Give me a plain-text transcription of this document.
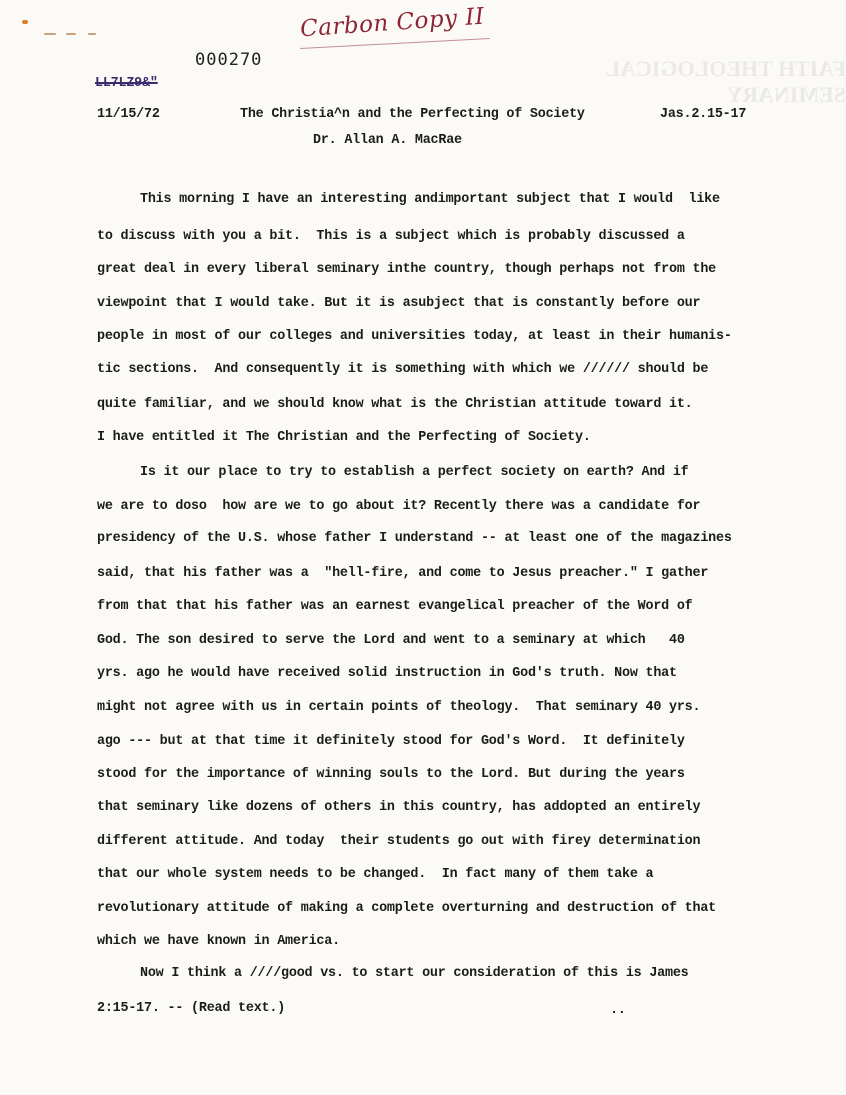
FAITH THEOLOGICAL SEMINARY
Carbon Copy II
000270
LL7LZ9&"
11/15/72	The Christia^n and the Perfecting of Society	Jas.2.15-17
Dr. Allan A. MacRae
This morning I have an interesting andimportant subject that I would  like
to discuss with you a bit.  This is a subject which is probably discussed a
great deal in every liberal seminary inthe country, though perhaps not from the
viewpoint that I would take. But it is asubject that is constantly before our
people in most of our colleges and universities today, at least in their humanis-
tic sections.  And consequently it is something with which we ////// should be
quite familiar, and we should know what is the Christian attitude toward it.
I have entitled it The Christian and the Perfecting of Society.
Is it our place to try to establish a perfect society on earth? And if
we are to doso  how are we to go about it? Recently there was a candidate for
presidency of the U.S. whose father I understand -- at least one of the magazines
said, that his father was a  "hell-fire, and come to Jesus preacher." I gather
from that that his father was an earnest evangelical preacher of the Word of
God. The son desired to serve the Lord and went to a seminary at which   40
yrs. ago he would have received solid instruction in God's truth. Now that
might not agree with us in certain points of theology.  That seminary 40 yrs.
ago --- but at that time it definitely stood for God's Word.  It definitely
stood for the importance of winning souls to the Lord. But during the years
that seminary like dozens of others in this country, has addopted an entirely
different attitude. And today  their students go out with firey determination
that our whole system needs to be changed.  In fact many of them take a
revolutionary attitude of making a complete overturning and destruction of that
which we have known in America.
Now I think a ////good vs. to start our consideration of this is James
2:15-17. -- (Read text.)	..
